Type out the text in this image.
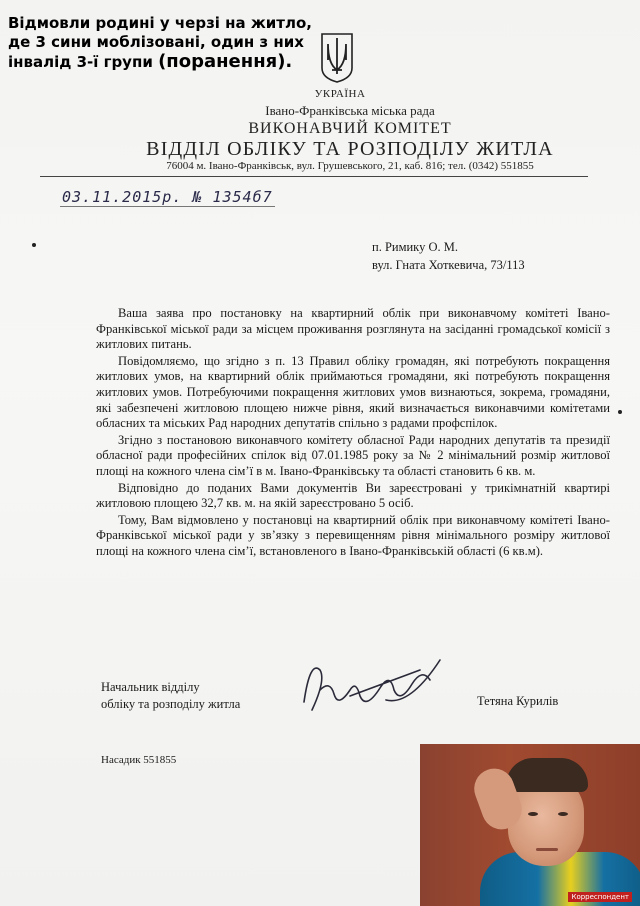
Відмовли родині у черзі на житло,
де 3 сини моблізовані, один з них
інвалід 3-ї групи (поранення).
УКРАЇНА
Івано-Франківська міська рада
ВИКОНАВЧИЙ КОМІТЕТ
ВІДДІЛ ОБЛІКУ ТА РОЗПОДІЛУ ЖИТЛА
76004 м. Івано-Франківськ, вул. Грушевського, 21, каб. 816; тел. (0342) 551855
03.11.2015р. № 1354б7
п. Римику О. М.
вул. Гната Хоткевича, 73/113

Ваша заява про постановку на квартирний облік при виконавчому комітеті Івано-Франківської міської ради за місцем проживання розглянута на засіданні громадської комісії з житлових питань.

Повідомляємо, що згідно з п. 13 Правил обліку громадян, які потребують покращення житлових умов, на квартирний облік приймаються громадяни, які потребують покращення житлових умов. Потребуючими покращення житлових умов визнаються, зокрема, громадяни, які забезпечені житловою площею нижче рівня, який визначається виконавчими комітетами обласних та міських Рад народних депутатів спільно з радами профспілок.

Згідно з постановою виконавчого комітету обласної Ради народних депутатів та президії обласної ради професійних спілок від 07.01.1985 року за № 2 мінімальний розмір житлової площі на кожного члена сім’ї в м. Івано-Франківську та області становить 6 кв. м.

Відповідно до поданих Вами документів Ви зареєстровані у трикімнатній квартирі житловою площею 32,7 кв. м. на якій зареєстровано 5 осіб.

Тому, Вам відмовлено у постановці на квартирний облік при виконавчому комітеті Івано-Франківської міської ради у зв’язку з перевищенням рівня мінімального розміру житлової площі на кожного члена сім’ї, встановленого в Івано-Франківській області (6 кв.м).

Начальник відділу
обліку та розподілу житла	Тетяна Курилів
Насадик 551855
Корреспондент
